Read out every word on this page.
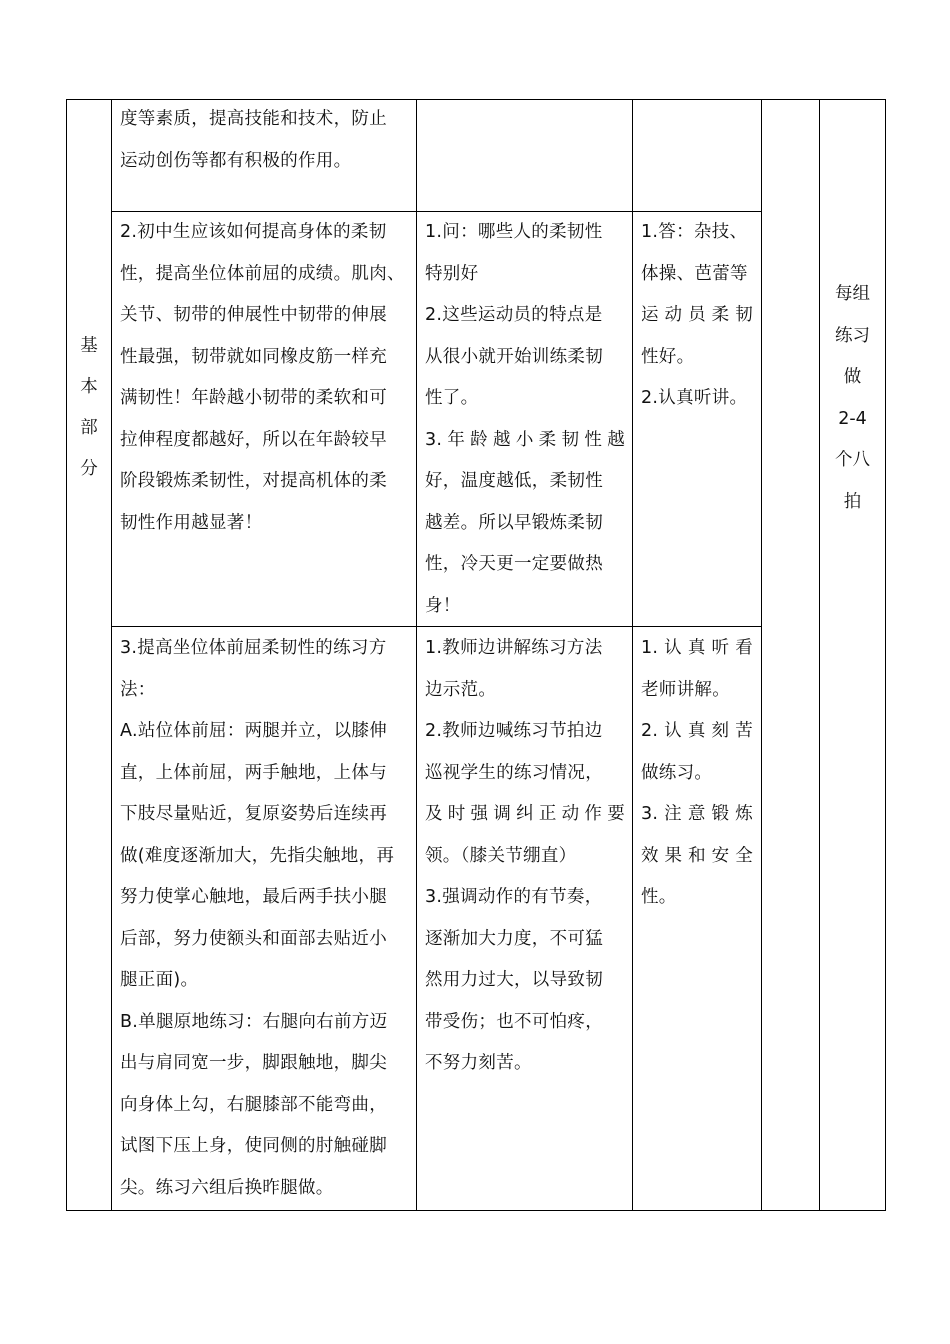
基
本
部
分
每组
练习
做
2-4
个八
拍

度等素质，提高技能和技术，防止

运动创伤等都有积极的作用。

2.初中生应该如何提高身体的柔韧

性，提高坐位体前屈的成绩。肌肉、

关节、韧带的伸展性中韧带的伸展

性最强，韧带就如同橡皮筋一样充

满韧性！年龄越小韧带的柔软和可

拉伸程度都越好，所以在年龄较早

阶段锻炼柔韧性，对提高机体的柔

韧性作用越显著！

1.问：哪些人的柔韧性

特别好

2.这些运动员的特点是

从很小就开始训练柔韧

性了。

3.年龄越小柔韧性越

好，温度越低，柔韧性

越差。所以早锻炼柔韧

性，冷天更一定要做热

身！

1.答：杂技、

体操、芭蕾等

运动员柔韧

性好。

2.认真听讲。

3.提高坐位体前屈柔韧性的练习方

法：

A.站位体前屈：两腿并立，以膝伸

直，上体前屈，两手触地，上体与

下肢尽量贴近，复原姿势后连续再

做(难度逐渐加大，先指尖触地，再

努力使掌心触地，最后两手扶小腿

后部，努力使额头和面部去贴近小

腿正面)。

B.单腿原地练习：右腿向右前方迈

出与肩同宽一步，脚跟触地，脚尖

向身体上勾，右腿膝部不能弯曲，

试图下压上身，使同侧的肘触碰脚

尖。练习六组后换昨腿做。

1.教师边讲解练习方法

边示范。

2.教师边喊练习节拍边

巡视学生的练习情况，

及时强调纠正动作要

领。（膝关节绷直）

3.强调动作的有节奏，

逐渐加大力度，不可猛

然用力过大，以导致韧

带受伤；也不可怕疼，

不努力刻苦。

1.认真听看

老师讲解。

2.认真刻苦

做练习。

3.注意锻炼

效果和安全

性。
